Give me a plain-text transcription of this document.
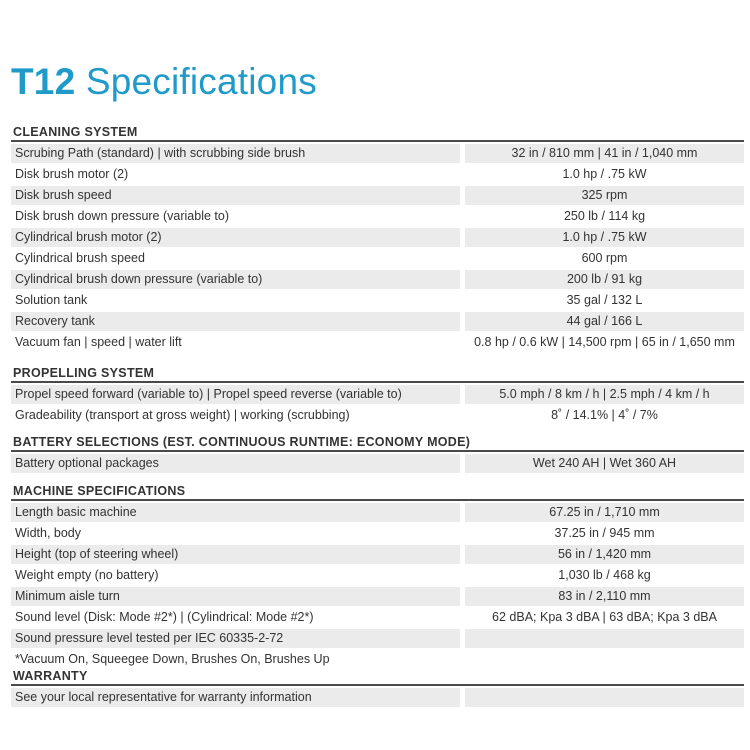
T12 Specifications
CLEANING SYSTEM
Scrubing Path (standard) | with scrubbing side brush	32 in / 810 mm | 41 in / 1,040 mm
Disk brush motor (2)	1.0 hp / .75 kW
Disk brush speed	325 rpm
Disk brush down pressure (variable to)	250 lb / 114 kg
Cylindrical brush motor (2)	1.0 hp / .75 kW
Cylindrical brush speed	600 rpm
Cylindrical brush down pressure (variable to)	200 lb / 91 kg
Solution tank	35 gal / 132 L
Recovery tank	44 gal / 166 L
Vacuum fan | speed | water lift	0.8 hp / 0.6 kW | 14,500 rpm | 65 in / 1,650 mm
PROPELLING SYSTEM
Propel speed forward (variable to) | Propel speed reverse (variable to)	5.0 mph / 8 km / h | 2.5 mph / 4 km / h
Gradeability (transport at gross weight) | working (scrubbing)	8˚ / 14.1% | 4˚ / 7%
BATTERY SELECTIONS (EST. CONTINUOUS RUNTIME: ECONOMY MODE)
Battery optional packages	Wet 240 AH | Wet 360 AH
MACHINE SPECIFICATIONS
Length basic machine	67.25 in / 1,710 mm
Width, body	37.25 in / 945 mm
Height (top of steering wheel)	56 in / 1,420 mm
Weight empty (no battery)	1,030 lb / 468 kg
Minimum aisle turn	83 in / 2,110 mm
Sound level (Disk: Mode #2*) | (Cylindrical: Mode #2*)	62 dBA; Kpa 3 dBA | 63 dBA; Kpa 3 dBA
Sound pressure level tested per IEC 60335-2-72
*Vacuum On, Squeegee Down, Brushes On, Brushes Up
WARRANTY
See your local representative for warranty information
